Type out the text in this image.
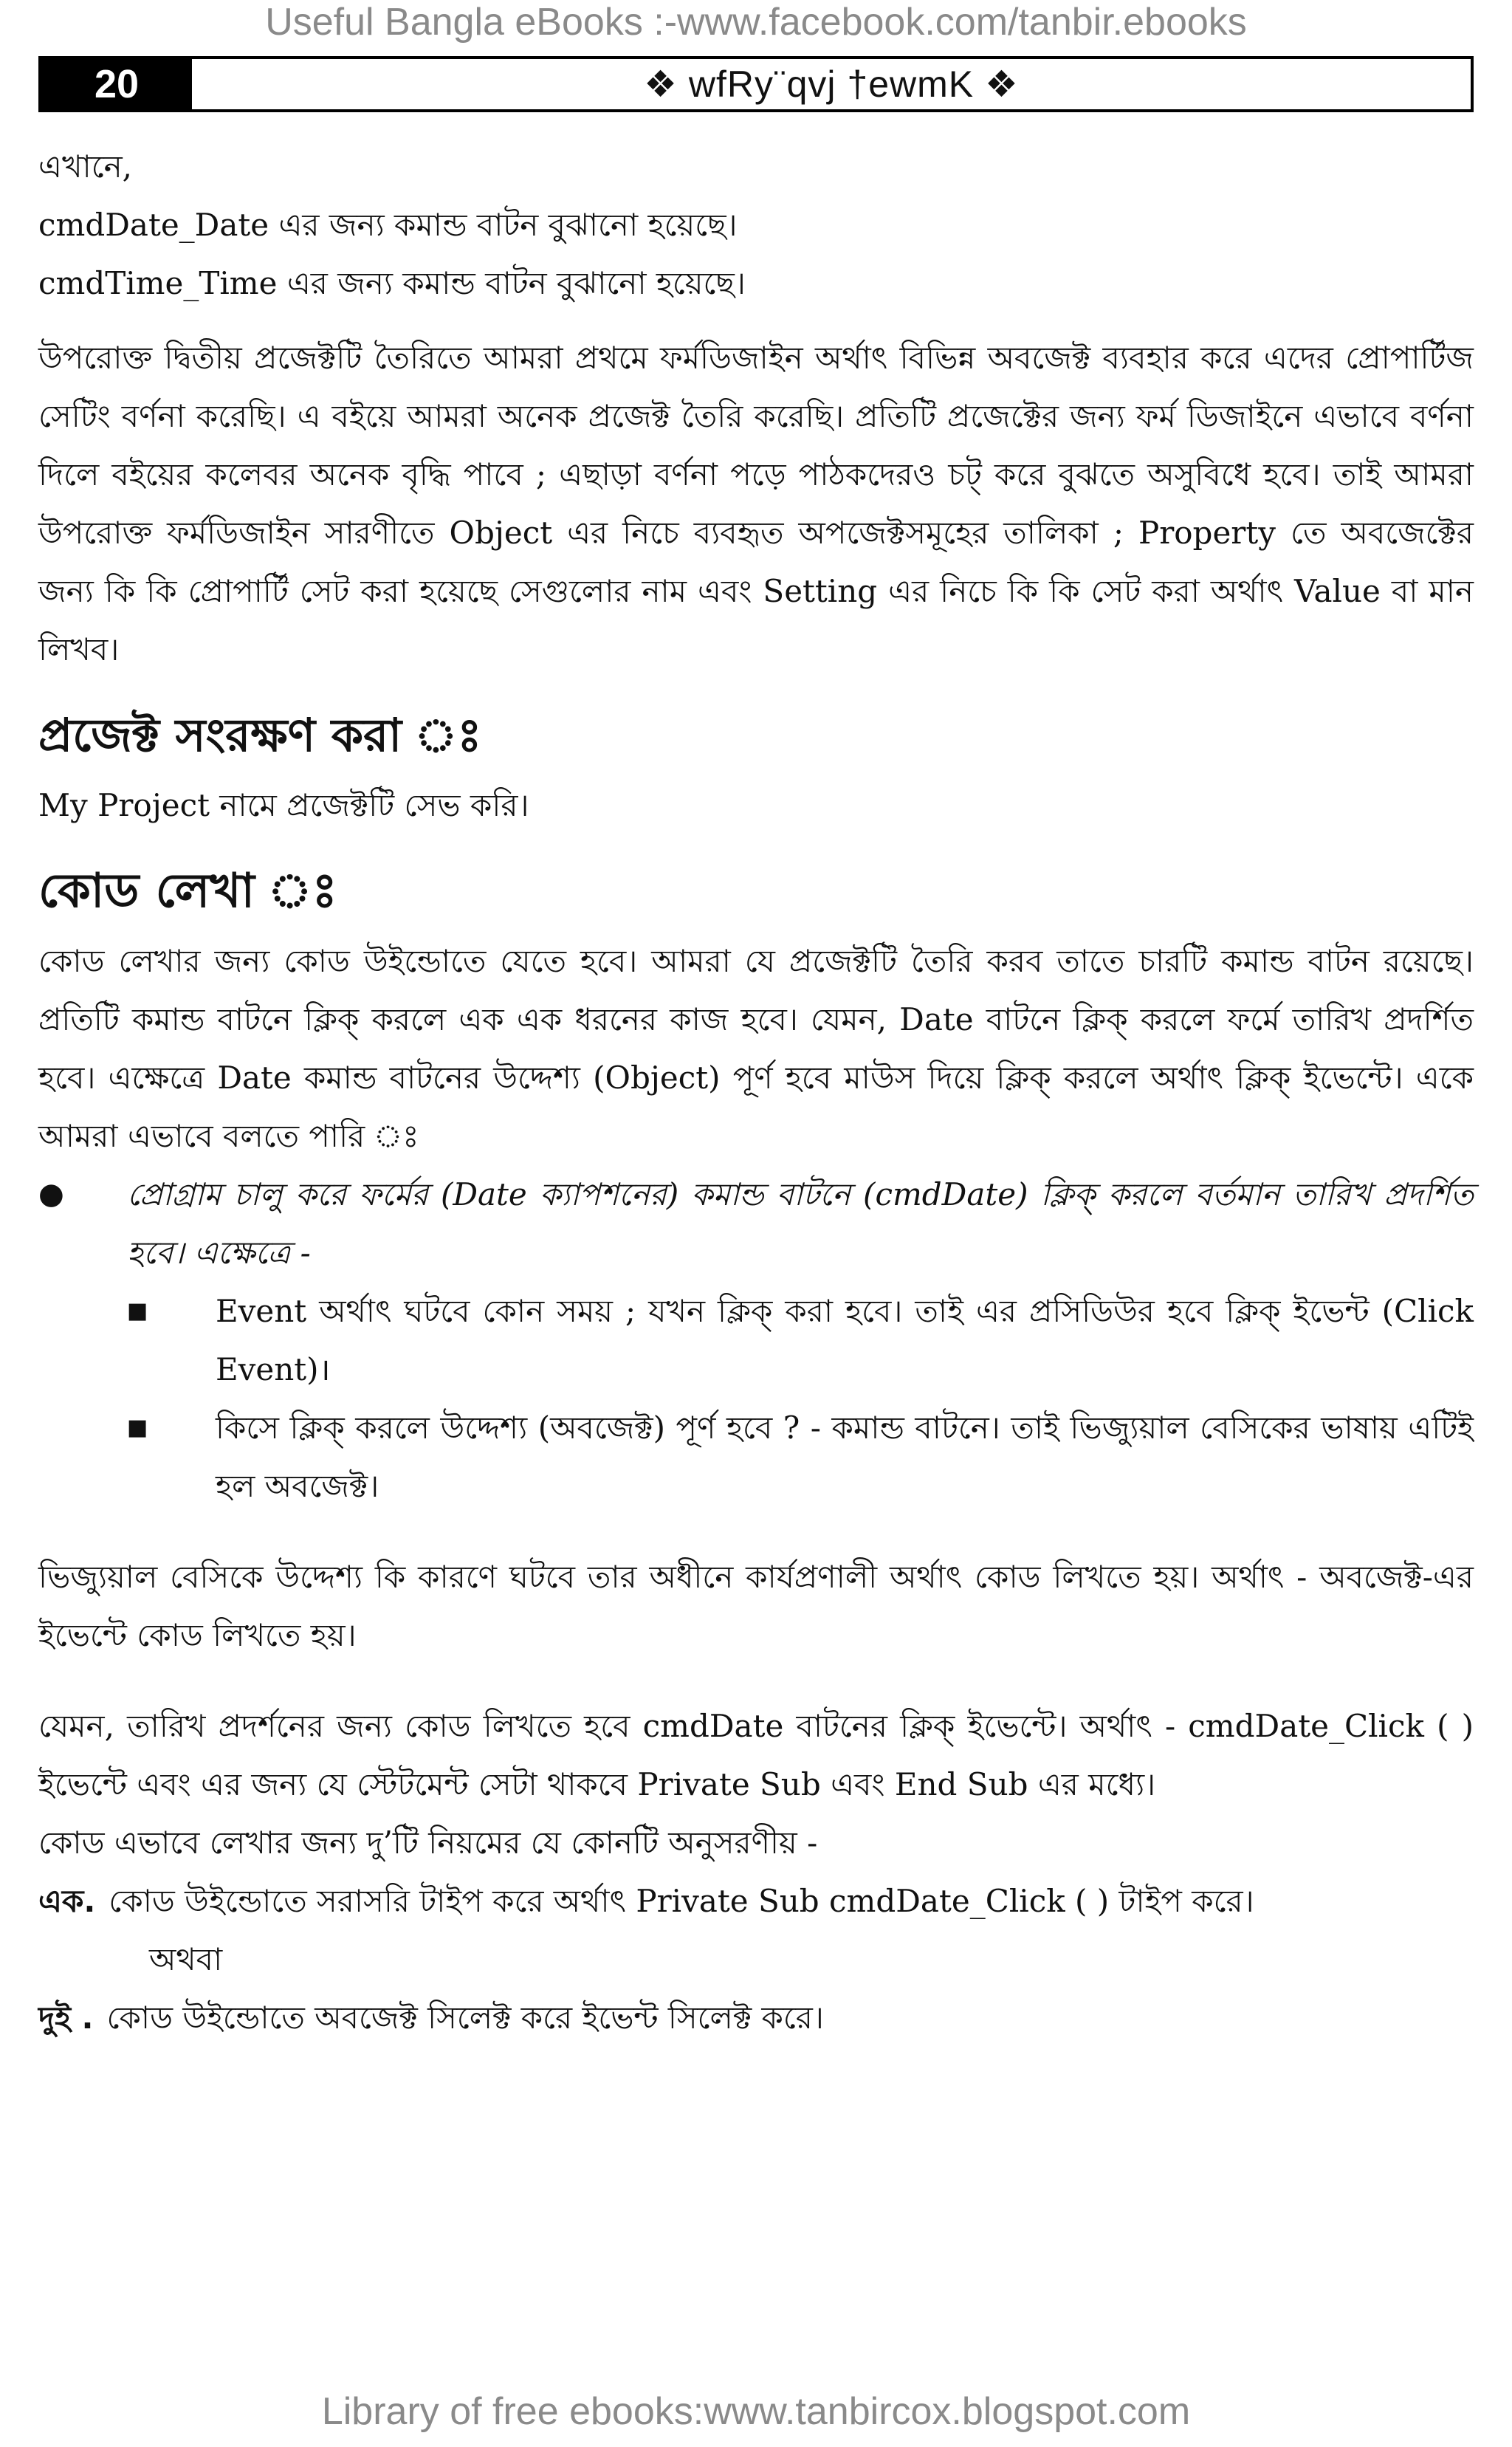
Useful Bangla eBooks :-www.facebook.com/tanbir.ebooks
20	❖ wfRy¨qvj †ewmK ❖

এখানে,

cmdDate_Date এর জন্য কমান্ড বাটন বুঝানো হয়েছে।

cmdTime_Time এর জন্য কমান্ড বাটন বুঝানো হয়েছে।

উপরোক্ত দ্বিতীয় প্রজেক্টটি তৈরিতে আমরা প্রথমে ফর্মডিজাইন অর্থাৎ বিভিন্ন অবজেক্ট ব্যবহার করে এদের প্রোপার্টিজ সেটিং বর্ণনা করেছি। এ বইয়ে আমরা অনেক প্রজেক্ট তৈরি করেছি। প্রতিটি প্রজেক্টের জন্য ফর্ম ডিজাইনে এভাবে বর্ণনা দিলে বইয়ের কলেবর অনেক বৃদ্ধি পাবে ; এছাড়া বর্ণনা পড়ে পাঠকদেরও চট্ করে বুঝতে অসুবিধে হবে। তাই আমরা উপরোক্ত ফর্মডিজাইন সারণীতে Object এর নিচে ব্যবহৃত অপজেক্টসমূহের তালিকা ; Property তে অবজেক্টের জন্য কি কি প্রোপার্টি সেট করা হয়েছে সেগুলোর নাম এবং Setting এর নিচে কি কি সেট করা অর্থাৎ Value বা মান লিখব।

প্রজেক্ট সংরক্ষণ করা ঃ

My Project নামে প্রজেক্টটি সেভ করি।

কোড লেখা ঃ

কোড লেখার জন্য কোড উইন্ডোতে যেতে হবে। আমরা যে প্রজেক্টটি তৈরি করব তাতে চারটি কমান্ড বাটন রয়েছে। প্রতিটি কমান্ড বাটনে ক্লিক্ করলে এক এক ধরনের কাজ হবে। যেমন, Date বাটনে ক্লিক্ করলে ফর্মে তারিখ প্রদর্শিত হবে। এক্ষেত্রে Date কমান্ড বাটনের উদ্দেশ্য (Object) পূর্ণ হবে মাউস দিয়ে ক্লিক্ করলে অর্থাৎ ক্লিক্ ইভেন্টে। একে আমরা এভাবে বলতে পারি ঃ

●	প্রোগ্রাম চালু করে ফর্মের (Date ক্যাপশনের) কমান্ড বাটনে (cmdDate) ক্লিক্ করলে বর্তমান তারিখ প্রদর্শিত হবে। এক্ষেত্রে -
■	Event অর্থাৎ ঘটবে কোন সময় ; যখন ক্লিক্ করা হবে। তাই এর প্রসিডিউর হবে ক্লিক্ ইভেন্ট (Click Event)।
■	কিসে ক্লিক্ করলে উদ্দেশ্য (অবজেক্ট) পূর্ণ হবে ? - কমান্ড বাটনে। তাই ভিজ্যুয়াল বেসিকের ভাষায় এটিই হল অবজেক্ট।

ভিজ্যুয়াল বেসিকে উদ্দেশ্য কি কারণে ঘটবে তার অধীনে কার্যপ্রণালী অর্থাৎ কোড লিখতে হয়। অর্থাৎ - অবজেক্ট-এর ইভেন্টে কোড লিখতে হয়।

যেমন, তারিখ প্রদর্শনের জন্য কোড লিখতে হবে cmdDate বাটনের ক্লিক্ ইভেন্টে। অর্থাৎ - cmdDate_Click ( ) ইভেন্টে এবং এর জন্য যে স্টেটমেন্ট সেটা থাকবে Private Sub এবং End Sub এর মধ্যে।

কোড এভাবে লেখার জন্য দু’টি নিয়মের যে কোনটি অনুসরণীয় -

এক. কোড উইন্ডোতে সরাসরি টাইপ করে অর্থাৎ Private Sub cmdDate_Click ( ) টাইপ করে।

অথবা

দুই . কোড উইন্ডোতে অবজেক্ট সিলেক্ট করে ইভেন্ট সিলেক্ট করে।
Library of free ebooks:www.tanbircox.blogspot.com
